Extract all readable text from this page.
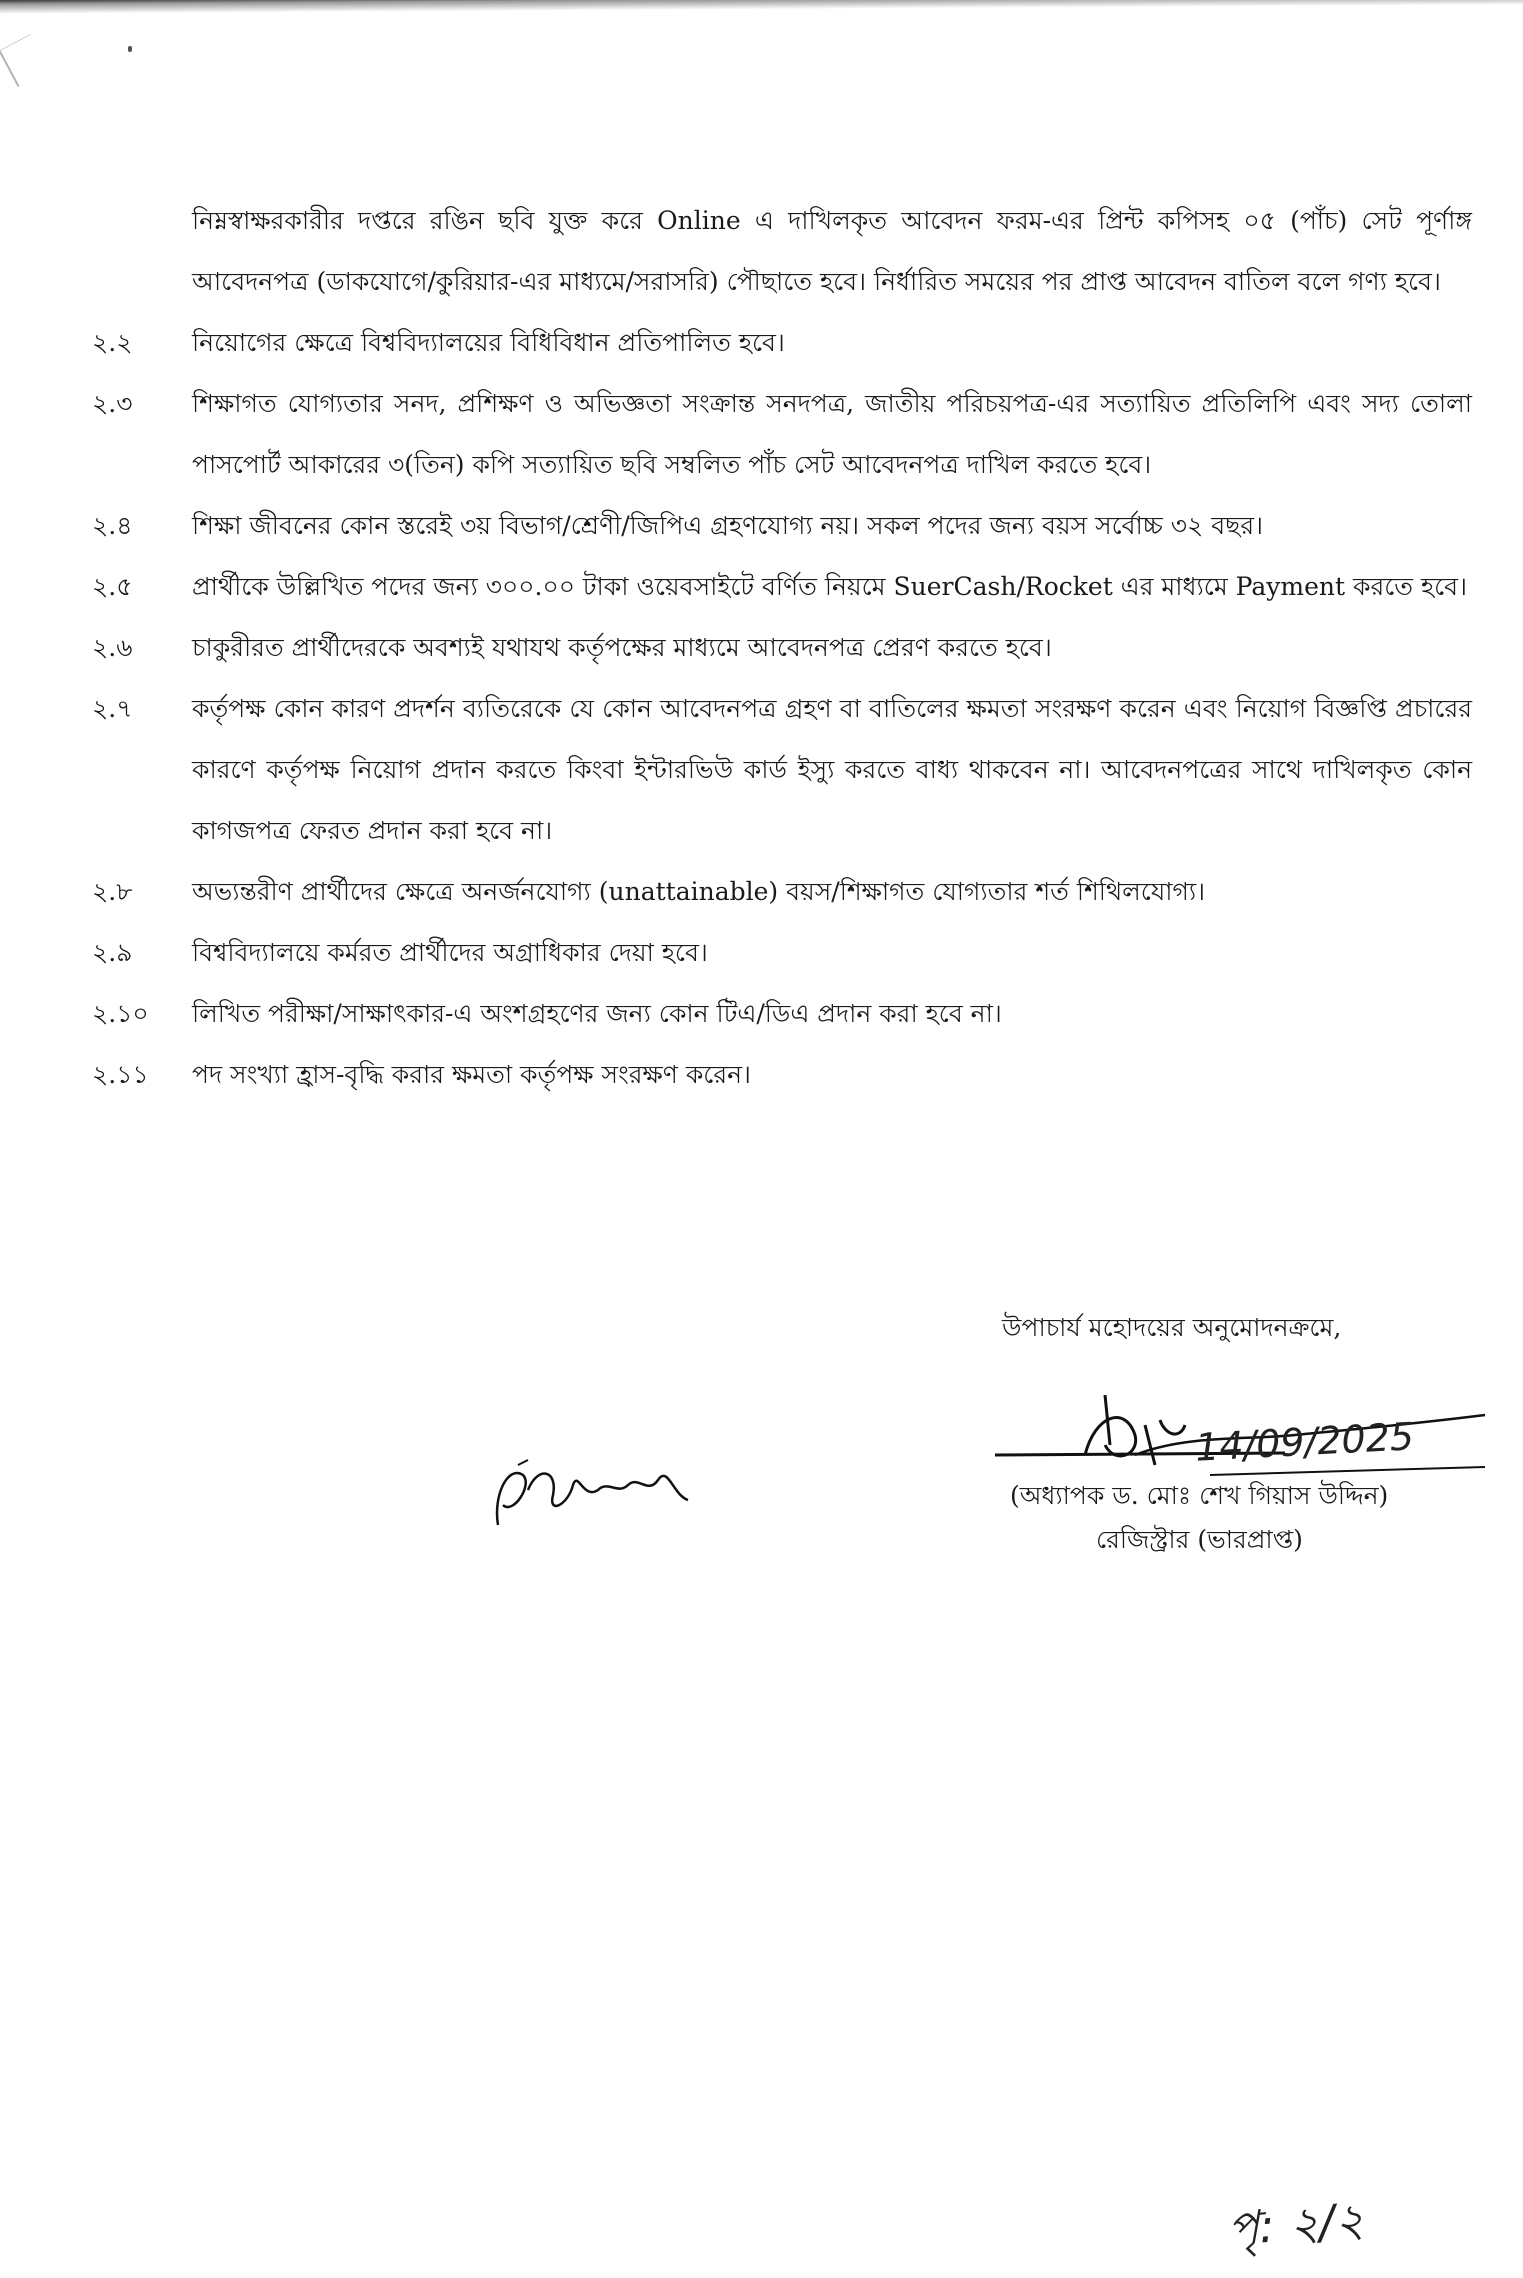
নিম্নস্বাক্ষরকারীর দপ্তরে রঙিন ছবি যুক্ত করে Online এ দাখিলকৃত আবেদন ফরম-এর প্রিন্ট কপিসহ ০৫ (পাঁচ) সেট পূর্ণাঙ্গ আবেদনপত্র (ডাকযোগে/কুরিয়ার-এর মাধ্যমে/সরাসরি) পৌছাতে হবে। নির্ধারিত সময়ের পর প্রাপ্ত আবেদন বাতিল বলে গণ্য হবে।
২.২	নিয়োগের ক্ষেত্রে বিশ্ববিদ্যালয়ের বিধিবিধান প্রতিপালিত হবে।
২.৩	শিক্ষাগত যোগ্যতার সনদ, প্রশিক্ষণ ও অভিজ্ঞতা সংক্রান্ত সনদপত্র, জাতীয় পরিচয়পত্র-এর সত্যায়িত প্রতিলিপি এবং সদ্য তোলা পাসপোর্ট আকারের ৩(তিন) কপি সত্যায়িত ছবি সম্বলিত পাঁচ সেট আবেদনপত্র দাখিল করতে হবে।
২.৪	শিক্ষা জীবনের কোন স্তরেই ৩য় বিভাগ/শ্রেণী/জিপিএ গ্রহণযোগ্য নয়। সকল পদের জন্য বয়স সর্বোচ্চ ৩২ বছর।
২.৫	প্রার্থীকে উল্লিখিত পদের জন্য ৩০০.০০ টাকা ওয়েবসাইটে বর্ণিত নিয়মে SuerCash/Rocket এর মাধ্যমে Payment করতে হবে।
২.৬	চাকুরীরত প্রার্থীদেরকে অবশ্যই যথাযথ কর্তৃপক্ষের মাধ্যমে আবেদনপত্র প্রেরণ করতে হবে।
২.৭	কর্তৃপক্ষ কোন কারণ প্রদর্শন ব্যতিরেকে যে কোন আবেদনপত্র গ্রহণ বা বাতিলের ক্ষমতা সংরক্ষণ করেন এবং নিয়োগ বিজ্ঞপ্তি প্রচারের কারণে কর্তৃপক্ষ নিয়োগ প্রদান করতে কিংবা ইন্টারভিউ কার্ড ইস্যু করতে বাধ্য থাকবেন না। আবেদনপত্রের সাথে দাখিলকৃত কোন কাগজপত্র ফেরত প্রদান করা হবে না।
২.৮	অভ্যন্তরীণ প্রার্থীদের ক্ষেত্রে অনর্জনযোগ্য (unattainable) বয়স/শিক্ষাগত যোগ্যতার শর্ত শিথিলযোগ্য।
২.৯	বিশ্ববিদ্যালয়ে কর্মরত প্রার্থীদের অগ্রাধিকার দেয়া হবে।
২.১০	লিখিত পরীক্ষা/সাক্ষাৎকার-এ অংশগ্রহণের জন্য কোন টিএ/ডিএ প্রদান করা হবে না।
২.১১	পদ সংখ্যা হ্রাস-বৃদ্ধি করার ক্ষমতা কর্তৃপক্ষ সংরক্ষণ করেন।
উপাচার্য মহোদয়ের অনুমোদনক্রমে,
14/09/2025
(অধ্যাপক ড. মোঃ শেখ গিয়াস উদ্দিন)
রেজিস্ট্রার (ভারপ্রাপ্ত)
পৃ: ২/২
